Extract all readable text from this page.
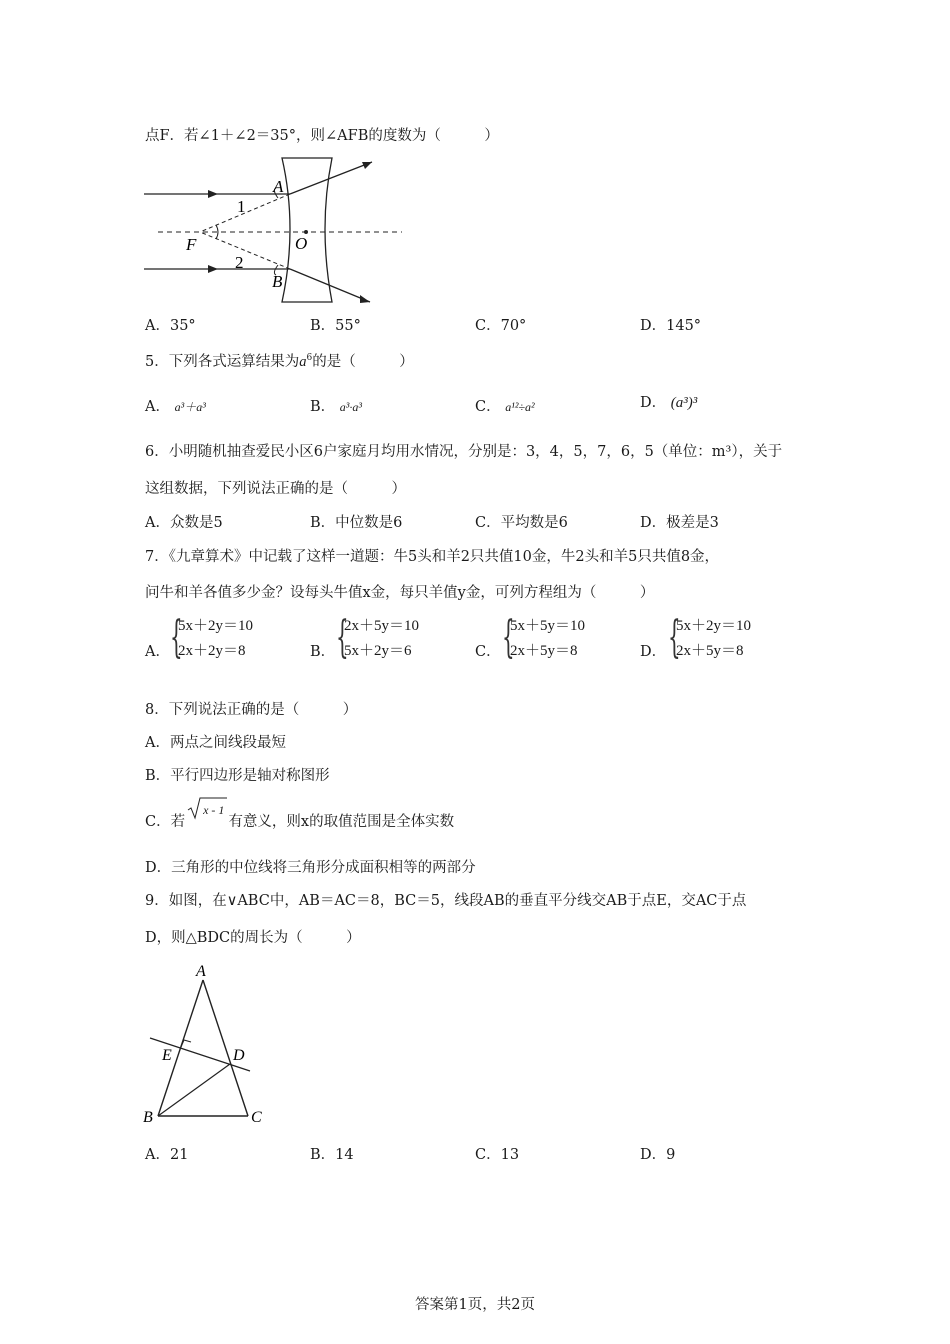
点F．若∠1＋∠2＝35°，则∠AFB的度数为（　　　）
A
1
F	O
2
B
A．35°	B．55°	C．70°	D．145°
5．下列各式运算结果为$a^6$的是（　　　）
A． a³＋a³	B． a³·a³	C． a¹²÷a²	D． (a³)³
6．小明随机抽查爱民小区6户家庭月均用水情况，分别是：3，4，5，7，6，5（单位：m³），关于
这组数据，下列说法正确的是（　　　）
A．众数是5	B．中位数是6	C．平均数是6	D．极差是3
7．《九章算术》中记载了这样一道题：牛5头和羊2只共值10金，牛2头和羊5只共值8金，
问牛和羊各值多少金？设每头牛值x金，每只羊值y金，可列方程组为（　　　）
A． {
5x＋2y＝10
2x＋2y＝8	B． {
2x＋5y＝10
5x＋2y＝6	C． {
5x＋5y＝10
2x＋5y＝8	D． {
5x＋2y＝10
2x＋5y＝8
8．下列说法正确的是（　　　）
A．两点之间线段最短
B．平行四边形是轴对称图形
C．若
x - 1有意义，则x的取值范围是全体实数
D．三角形的中位线将三角形分成面积相等的两部分
9．如图，在∨ABC中，AB＝AC＝8，BC＝5，线段AB的垂直平分线交AB于点E，交AC于点
D，则△BDC的周长为（　　　）
A
E	D
B	C
A．21	B．14	C．13	D．9
答案第1页，共2页
